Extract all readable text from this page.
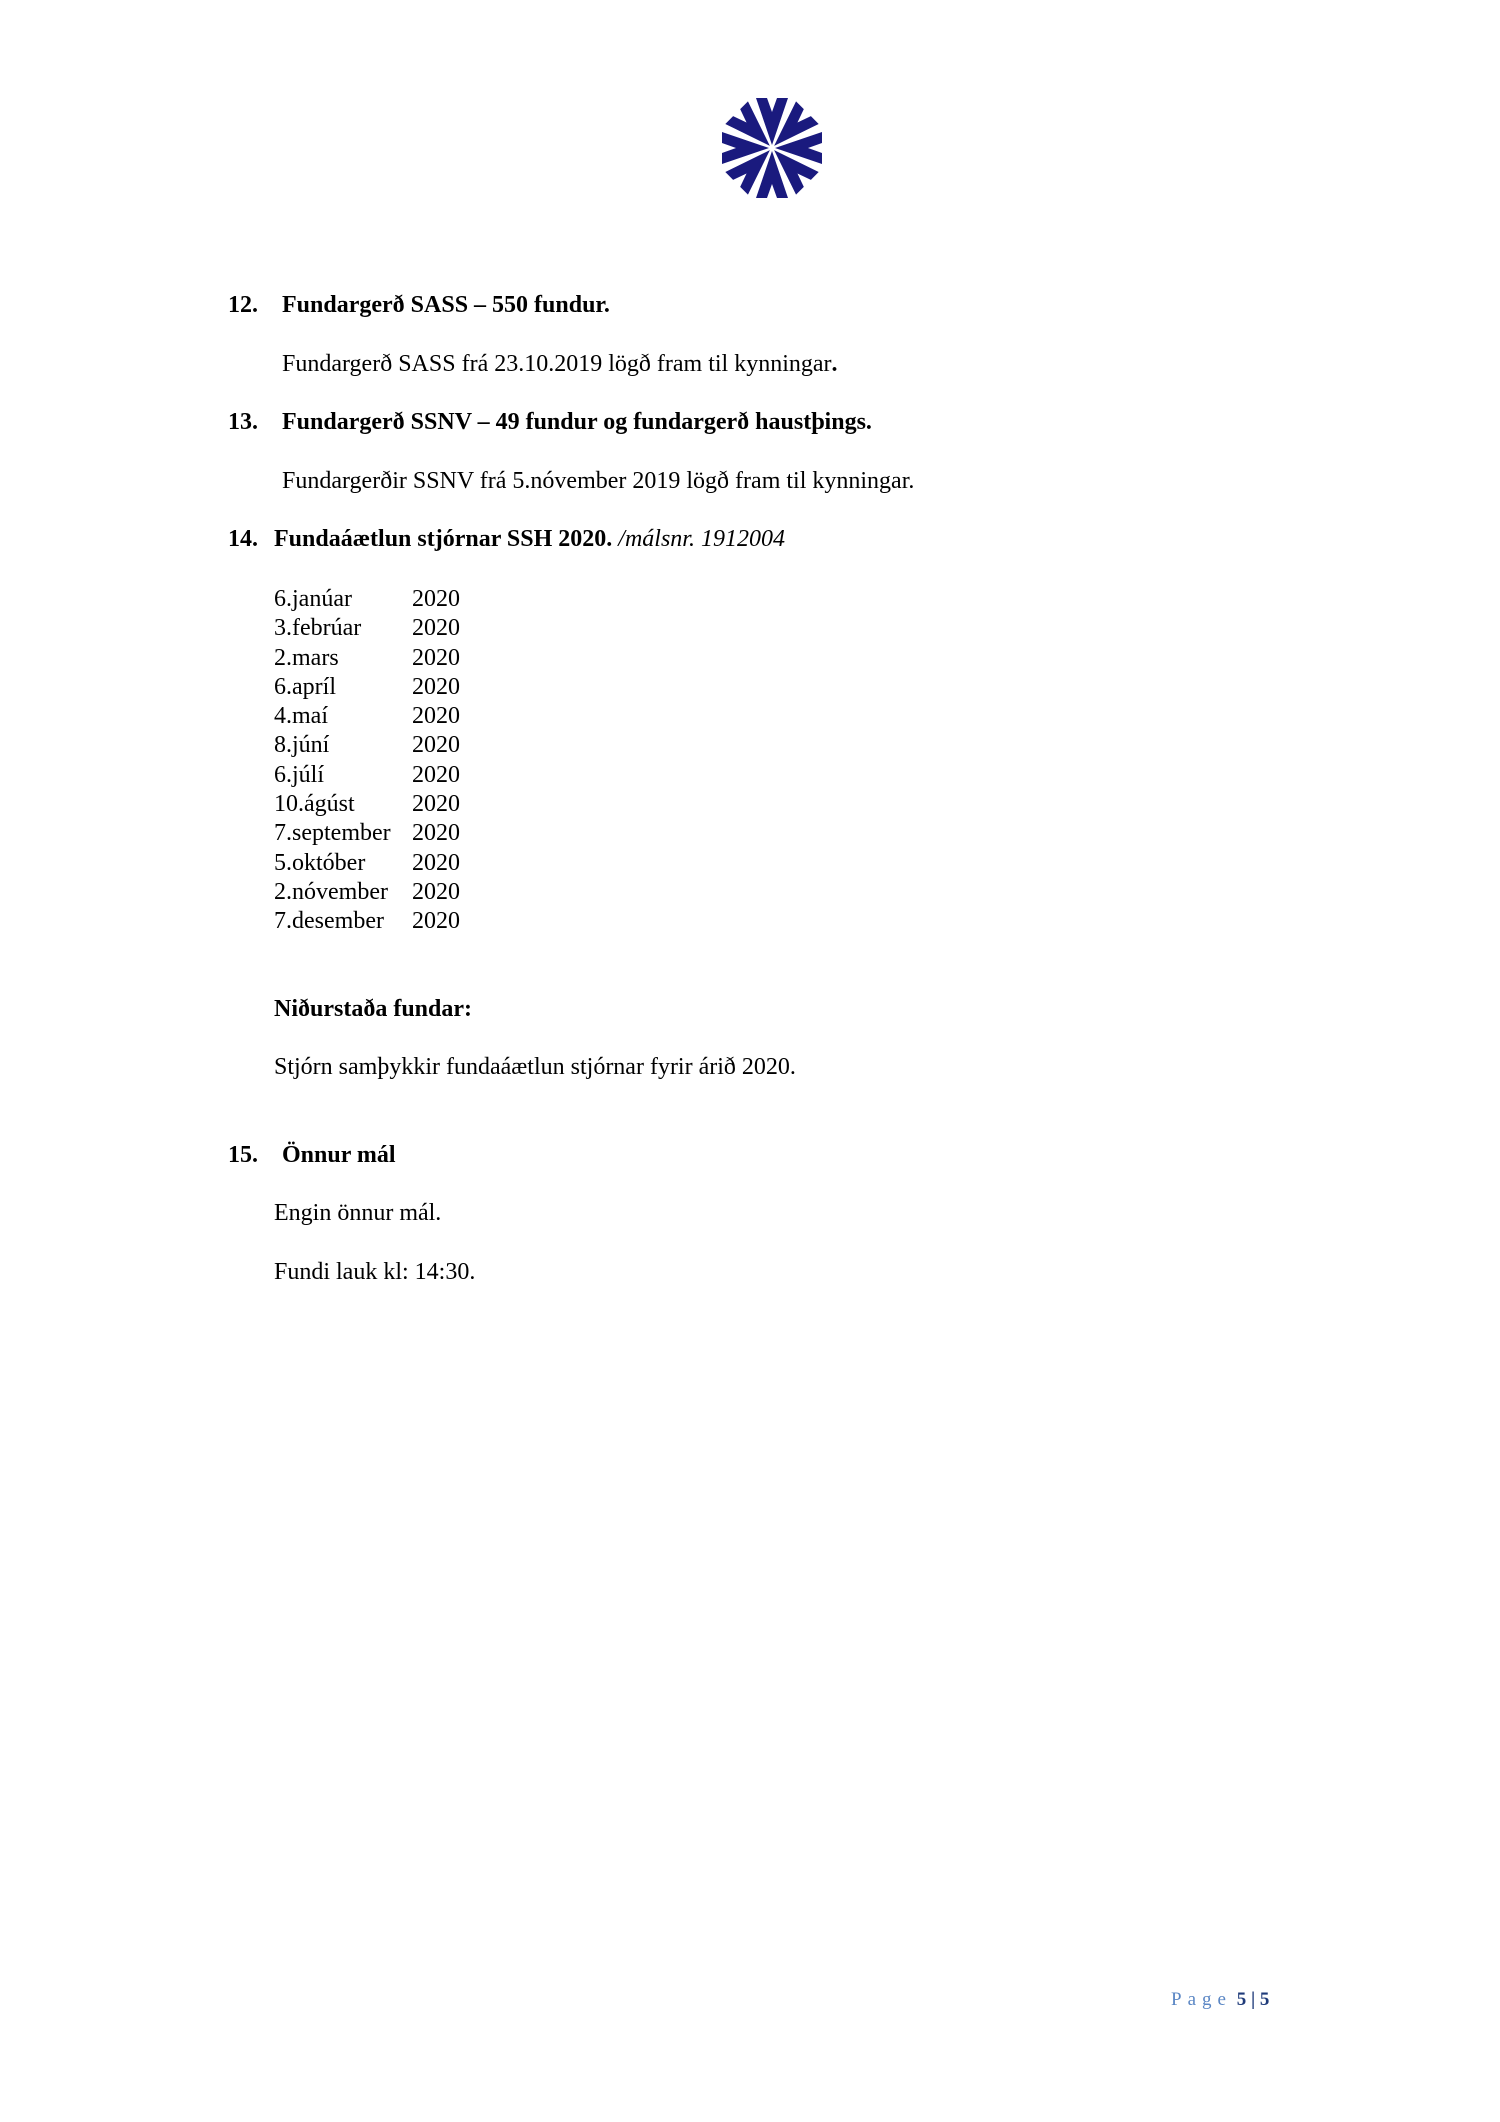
12. Fundargerð SASS – 550 fundur.
Fundargerð SASS frá 23.10.2019 lögð fram til kynningar.
13. Fundargerð SSNV – 49 fundur og fundargerð haustþings.
Fundargerðir SSNV frá 5.nóvember 2019 lögð fram til kynningar.
14. Fundaáætlun stjórnar SSH 2020. /málsnr. 1912004
6.janúar	2020
3.febrúar 2020
2.mars	2020
6.apríl	2020
4.maí	2020
8.júní	2020
6.júlí	2020
10.ágúst 2020
7.september 2020
5.október 2020
2.nóvember 2020
7.desember 2020
Niðurstaða fundar:
Stjórn samþykkir fundaáætlun stjórnar fyrir árið 2020.
15. Önnur mál
Engin önnur mál.
Fundi lauk kl: 14:30.
Page 5 | 5
